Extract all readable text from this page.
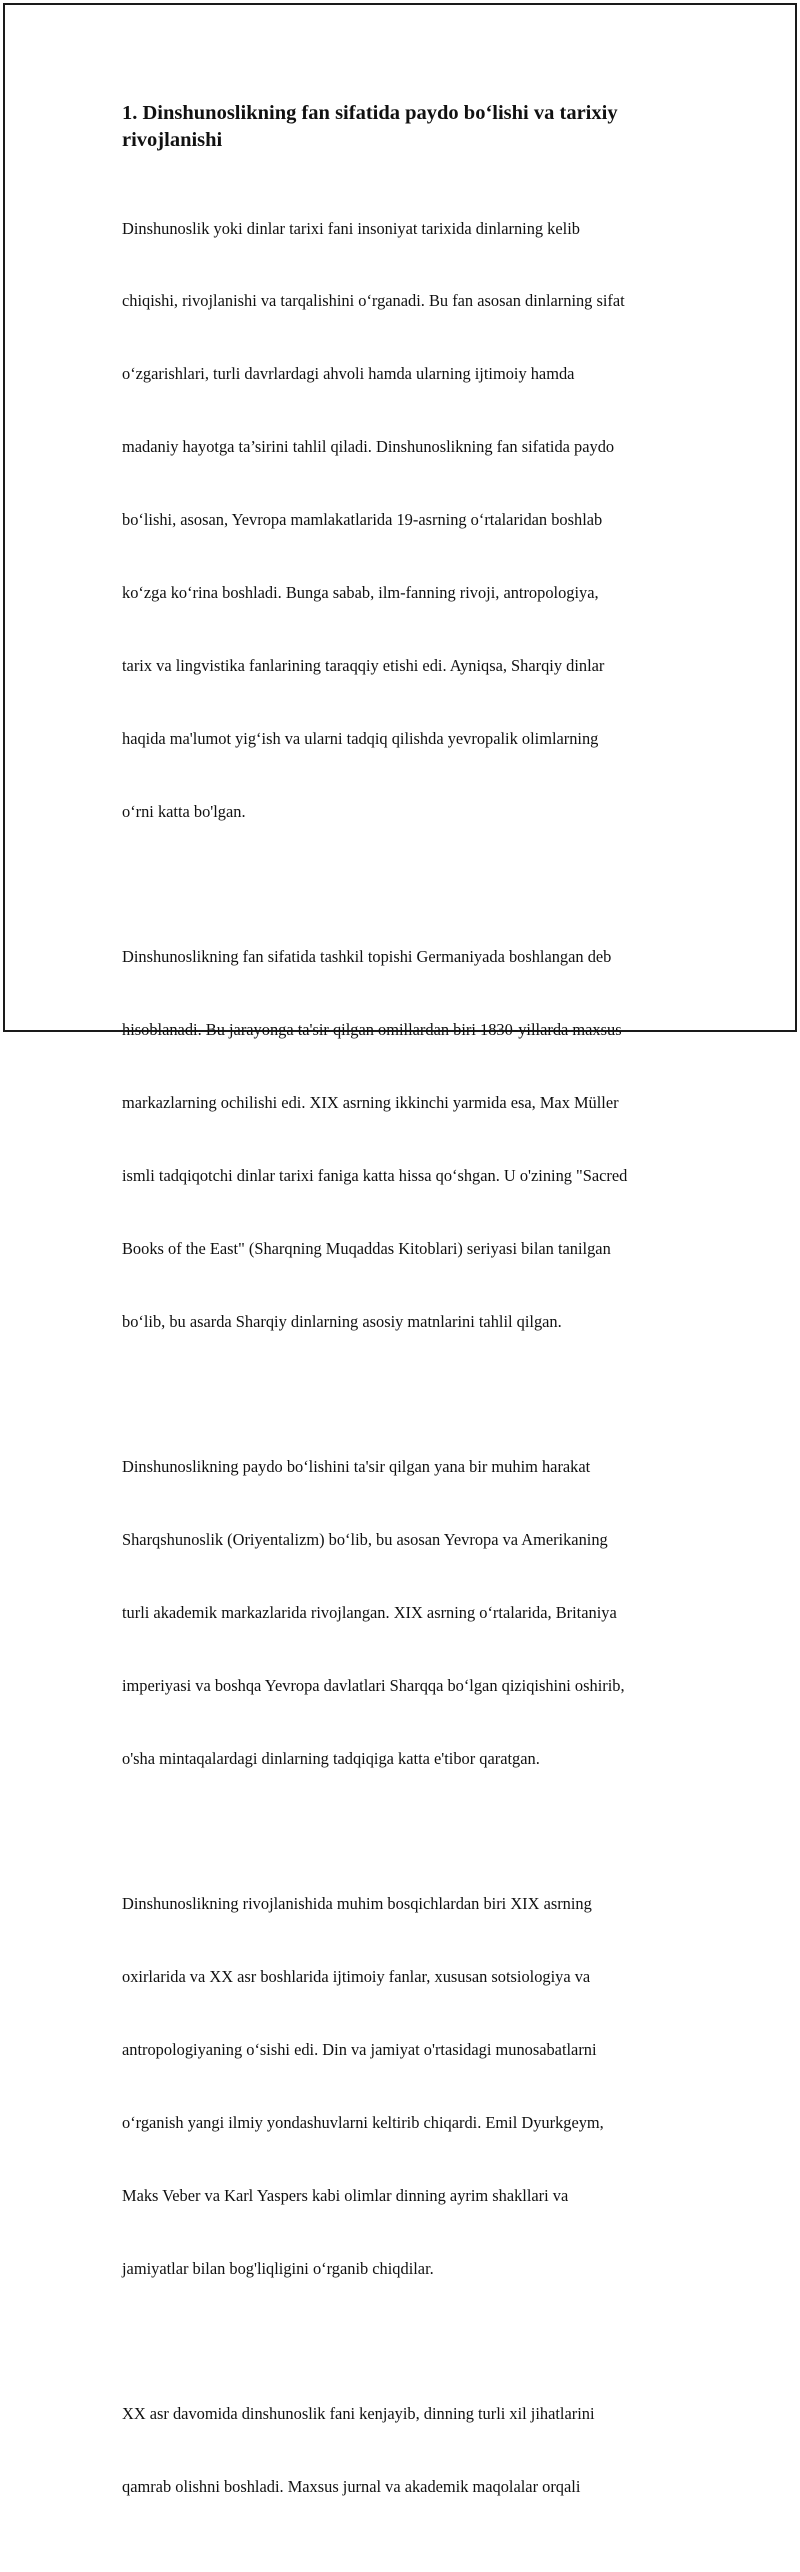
1. Dinshunoslikning fan sifatida paydo bo‘lishi va tarixiy
rivojlanishi

Dinshunoslik yoki dinlar tarixi fani insoniyat tarixida dinlarning kelib

chiqishi, rivojlanishi va tarqalishini o‘rganadi. Bu fan asosan dinlarning sifat

o‘zgarishlari, turli davrlardagi ahvoli hamda ularning ijtimoiy hamda

madaniy hayotga ta’sirini tahlil qiladi. Dinshunoslikning fan sifatida paydo

bo‘lishi, asosan, Yevropa mamlakatlarida 19-asrning o‘rtalaridan boshlab

ko‘zga ko‘rina boshladi. Bunga sabab, ilm-fanning rivoji, antropologiya,

tarix va lingvistika fanlarining taraqqiy etishi edi. Ayniqsa, Sharqiy dinlar

haqida ma'lumot yig‘ish va ularni tadqiq qilishda yevropalik olimlarning

o‘rni katta bo'lgan.

Dinshunoslikning fan sifatida tashkil topishi Germaniyada boshlangan deb

hisoblanadi. Bu jarayonga ta'sir qilgan omillardan biri 1830-yillarda maxsus

markazlarning ochilishi edi. XIX asrning ikkinchi yarmida esa, Max Müller

ismli tadqiqotchi dinlar tarixi faniga katta hissa qo‘shgan. U o'zining "Sacred

Books of the East" (Sharqning Muqaddas Kitoblari) seriyasi bilan tanilgan

bo‘lib, bu asarda Sharqiy dinlarning asosiy matnlarini tahlil qilgan.

Dinshunoslikning paydo bo‘lishini ta'sir qilgan yana bir muhim harakat

Sharqshunoslik (Oriyentalizm) bo‘lib, bu asosan Yevropa va Amerikaning

turli akademik markazlarida rivojlangan. XIX asrning o‘rtalarida, Britaniya

imperiyasi va boshqa Yevropa davlatlari Sharqqa bo‘lgan qiziqishini oshirib,

o'sha mintaqalardagi dinlarning tadqiqiga katta e'tibor qaratgan.

Dinshunoslikning rivojlanishida muhim bosqichlardan biri XIX asrning

oxirlarida va XX asr boshlarida ijtimoiy fanlar, xususan sotsiologiya va

antropologiyaning o‘sishi edi. Din va jamiyat o'rtasidagi munosabatlarni

o‘rganish yangi ilmiy yondashuvlarni keltirib chiqardi. Emil Dyurkgeym,

Maks Veber va Karl Yaspers kabi olimlar dinning ayrim shakllari va

jamiyatlar bilan bog'liqligini o‘rganib chiqdilar.

XX asr davomida dinshunoslik fani kenjayib, dinning turli xil jihatlarini

qamrab olishni boshladi. Maxsus jurnal va akademik maqolalar orqali
